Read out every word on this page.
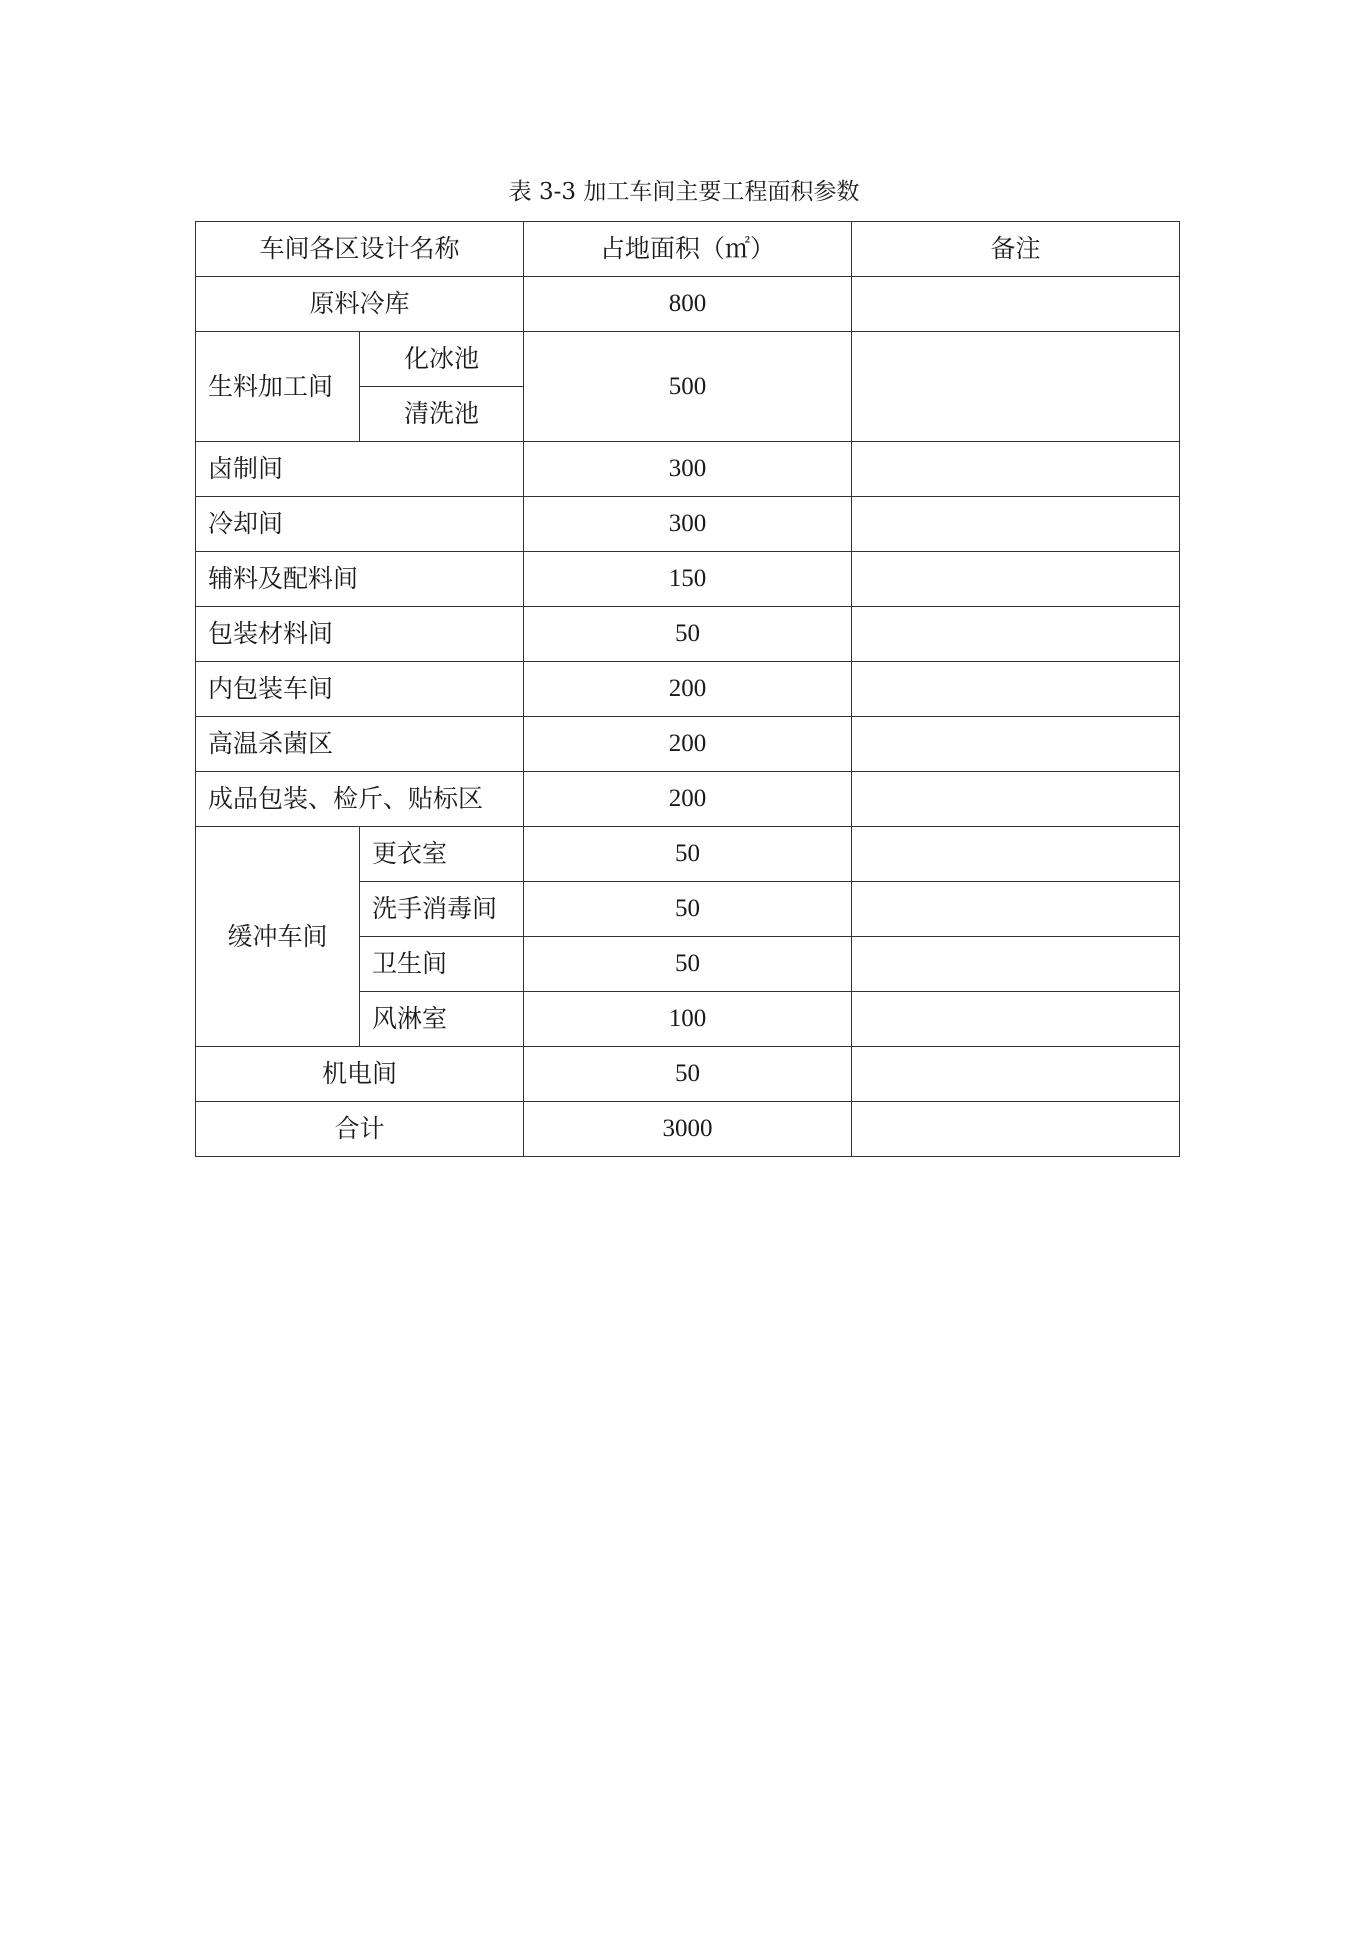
表 3-3 加工车间主要工程面积参数
车间各区设计名称		占地面积（㎡）	备注
原料冷库		800	
生料加工间	化冰池	500	
	清洗池		
卤制间		300	
冷却间		300	
辅料及配料间		150	
包装材料间		50	
内包装车间		200	
高温杀菌区		200	
成品包装、检斤、贴标区		200	
缓冲车间	更衣室	50	
	洗手消毒间	50	
	卫生间	50	
	风淋室	100	
机电间		50	
合计		3000	
